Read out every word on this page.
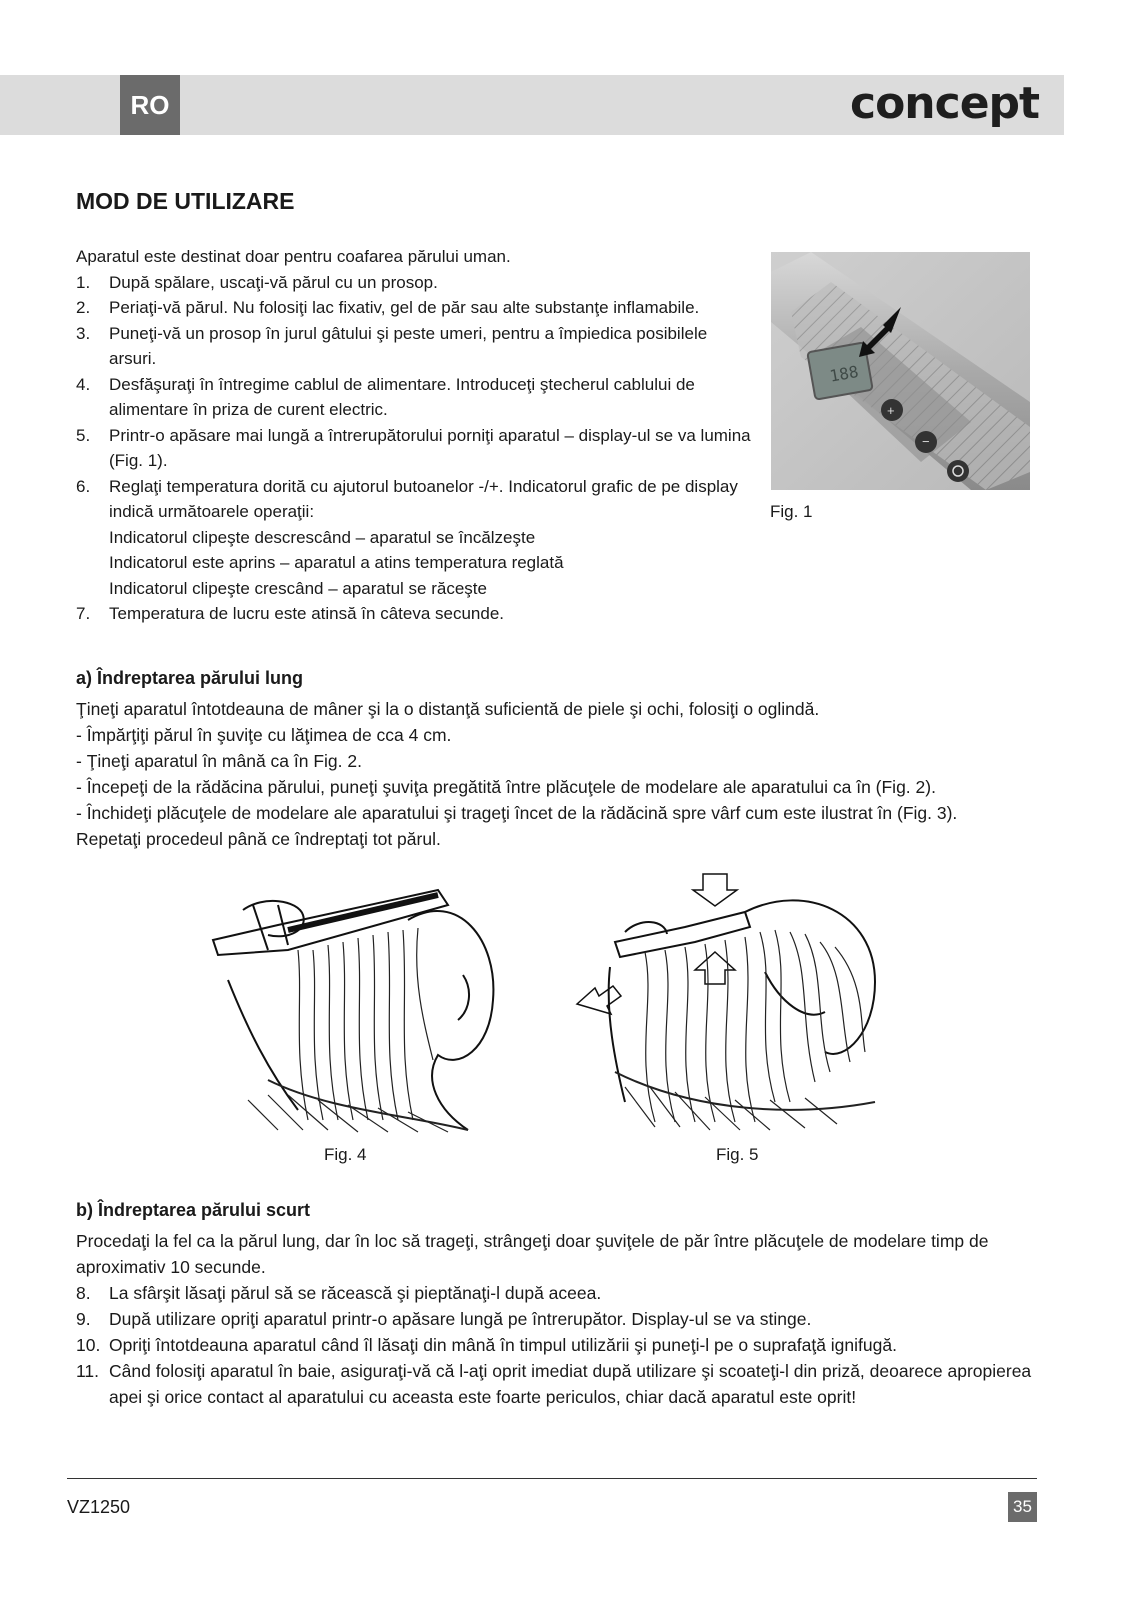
RO	concept
MOD DE UTILIZARE

Aparatul este destinat doar pentru coafarea părului uman.

1. După spălare, uscaţi-vă părul cu un prosop.
2. Periaţi-vă părul. Nu folosiţi lac fixativ, gel de păr sau alte substanţe inflamabile.
3. Puneţi-vă un prosop în jurul gâtului şi peste umeri, pentru a împiedica posibilele arsuri.
4. Desfăşuraţi în întregime cablul de alimentare. Introduceţi ştecherul cablului de alimentare în priza de curent electric.
5. Printr-o apăsare mai lungă a întrerupătorului porniţi aparatul – display-ul se va lumina (Fig. 1).
6. Reglaţi temperatura dorită cu ajutorul butoanelor -/+. Indicatorul grafic de pe display indică următoarele operaţii:
Indicatorul clipeşte descrescând – aparatul se încălzeşte
Indicatorul este aprins – aparatul a atins temperatura reglată
Indicatorul clipeşte crescând – aparatul se răceşte
7. Temperatura de lucru este atinsă în câteva secunde.
188
+
−
Fig. 1
a) Îndreptarea părului lung

Ţineţi aparatul întotdeauna de mâner şi la o distanţă suficientă de piele şi ochi, folosiţi o oglindă.

- Împărţiţi părul în şuviţe cu lăţimea de cca 4 cm.

- Ţineţi aparatul în mână ca în Fig. 2.

- Începeţi de la rădăcina părului, puneţi şuviţa pregătită între plăcuţele de modelare ale aparatului ca în (Fig. 2).

- Închideţi plăcuţele de modelare ale aparatului şi trageţi încet de la rădăcină spre vârf cum este ilustrat în (Fig. 3).

Repetaţi procedeul până ce îndreptaţi tot părul.

Fig. 4	Fig. 5
b) Îndreptarea părului scurt

Procedaţi la fel ca la părul lung, dar în loc să trageţi, strângeţi doar şuviţele de păr între plăcuţele de modelare timp de aproximativ 10 secunde.

8. La sfârşit lăsaţi părul să se răcească şi pieptănaţi-l după aceea.
9. După utilizare opriţi aparatul printr-o apăsare lungă pe întrerupător. Display-ul se va stinge.
10. Opriţi întotdeauna aparatul când îl lăsaţi din mână în timpul utilizării şi puneţi-l pe o suprafaţă ignifugă.
11. Când folosiţi aparatul în baie, asiguraţi-vă că l-aţi oprit imediat după utilizare şi scoateţi-l din priză, deoarece apropierea apei şi orice contact al aparatului cu aceasta este foarte periculos, chiar dacă aparatul este oprit!
VZ1250	35
